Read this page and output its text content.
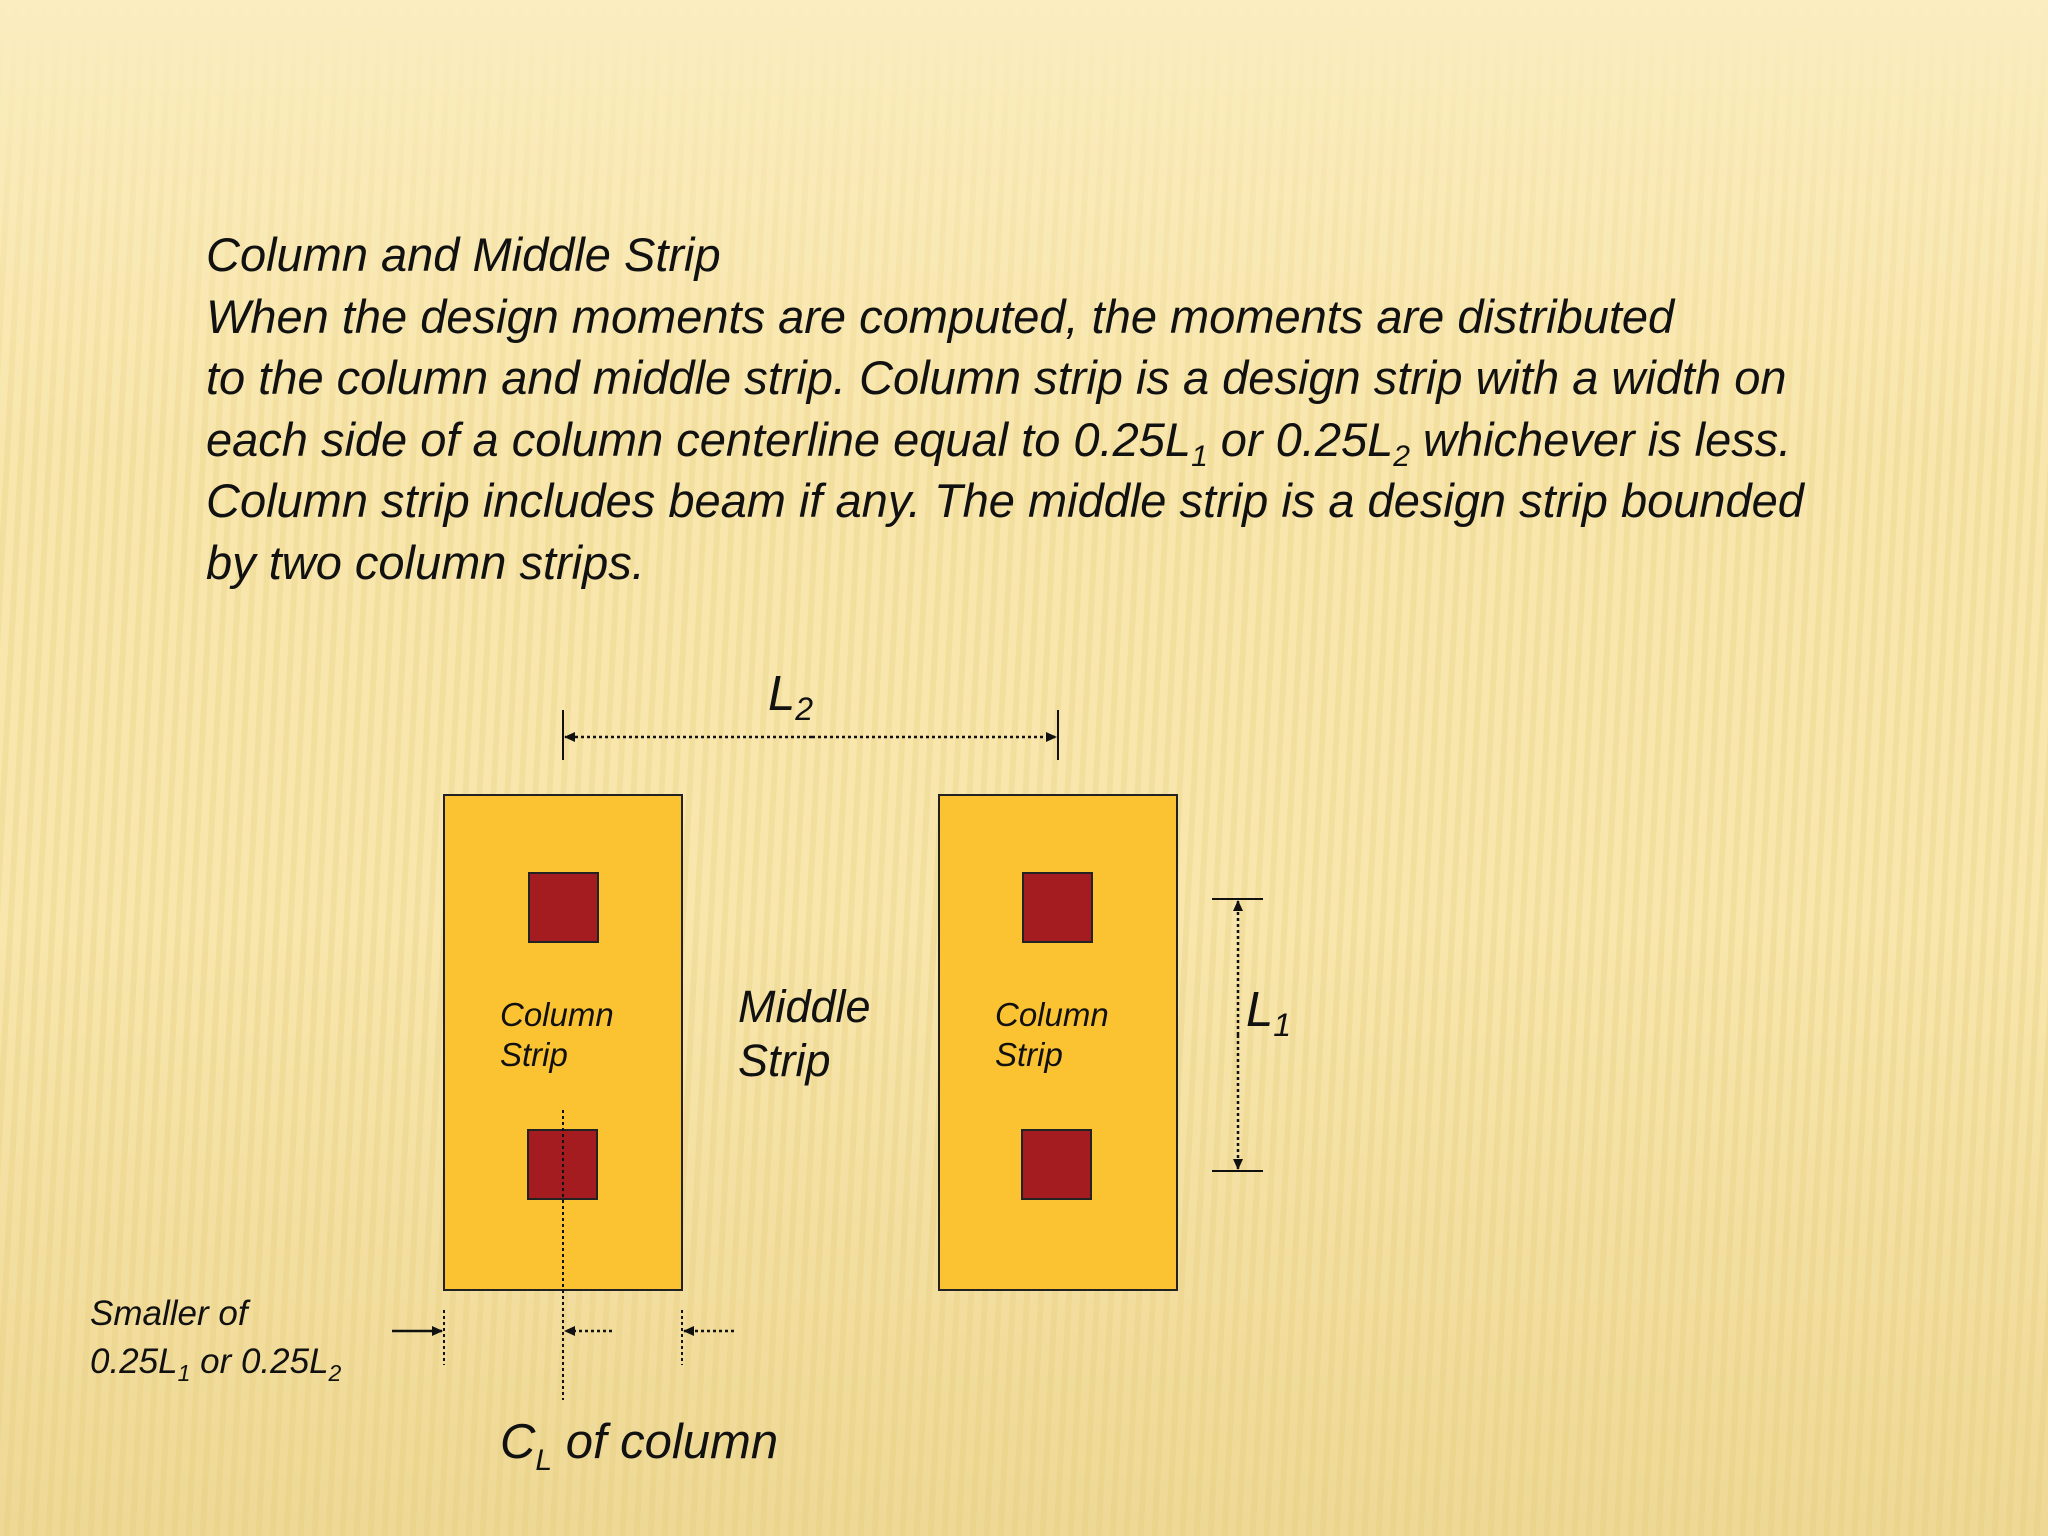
Column and Middle Strip
When the design moments are computed, the moments are distributed
to the column and middle strip. Column strip is a design strip with a width on
each side of a column centerline equal to $0.25L_1$ or $0.25L_2$ whichever is less.
Column strip includes beam if any. The middle strip is a design strip bounded
by two column strips.
$L_2$
$L_1$
Column
Strip
Column
Strip
Middle
Strip
Smaller of
$0.25L_1$ or $0.25L_2$
$C_L$ of column
